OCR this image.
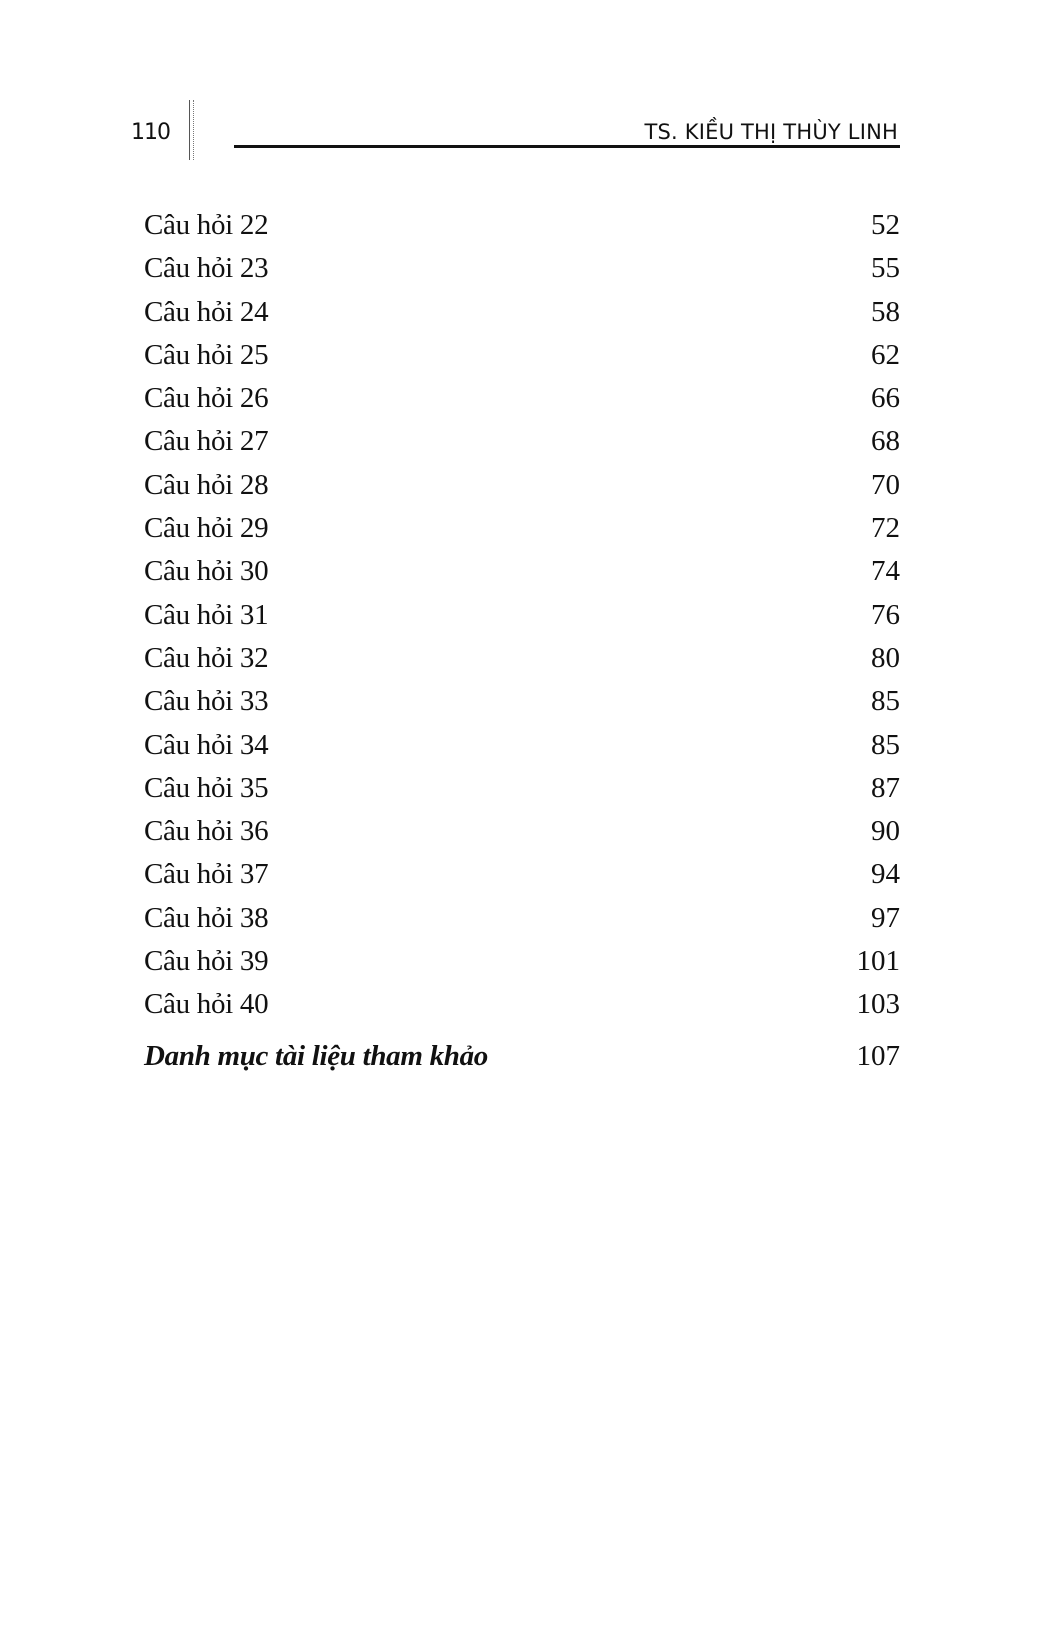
110	TS. KIỀU THỊ THÙY LINH
Câu hỏi 22	52
Câu hỏi 23	55
Câu hỏi 24	58
Câu hỏi 25	62
Câu hỏi 26	66
Câu hỏi 27	68
Câu hỏi 28	70
Câu hỏi 29	72
Câu hỏi 30	74
Câu hỏi 31	76
Câu hỏi 32	80
Câu hỏi 33	85
Câu hỏi 34	85
Câu hỏi 35	87
Câu hỏi 36	90
Câu hỏi 37	94
Câu hỏi 38	97
Câu hỏi 39	101
Câu hỏi 40	103
Danh mục tài liệu tham khảo	107
